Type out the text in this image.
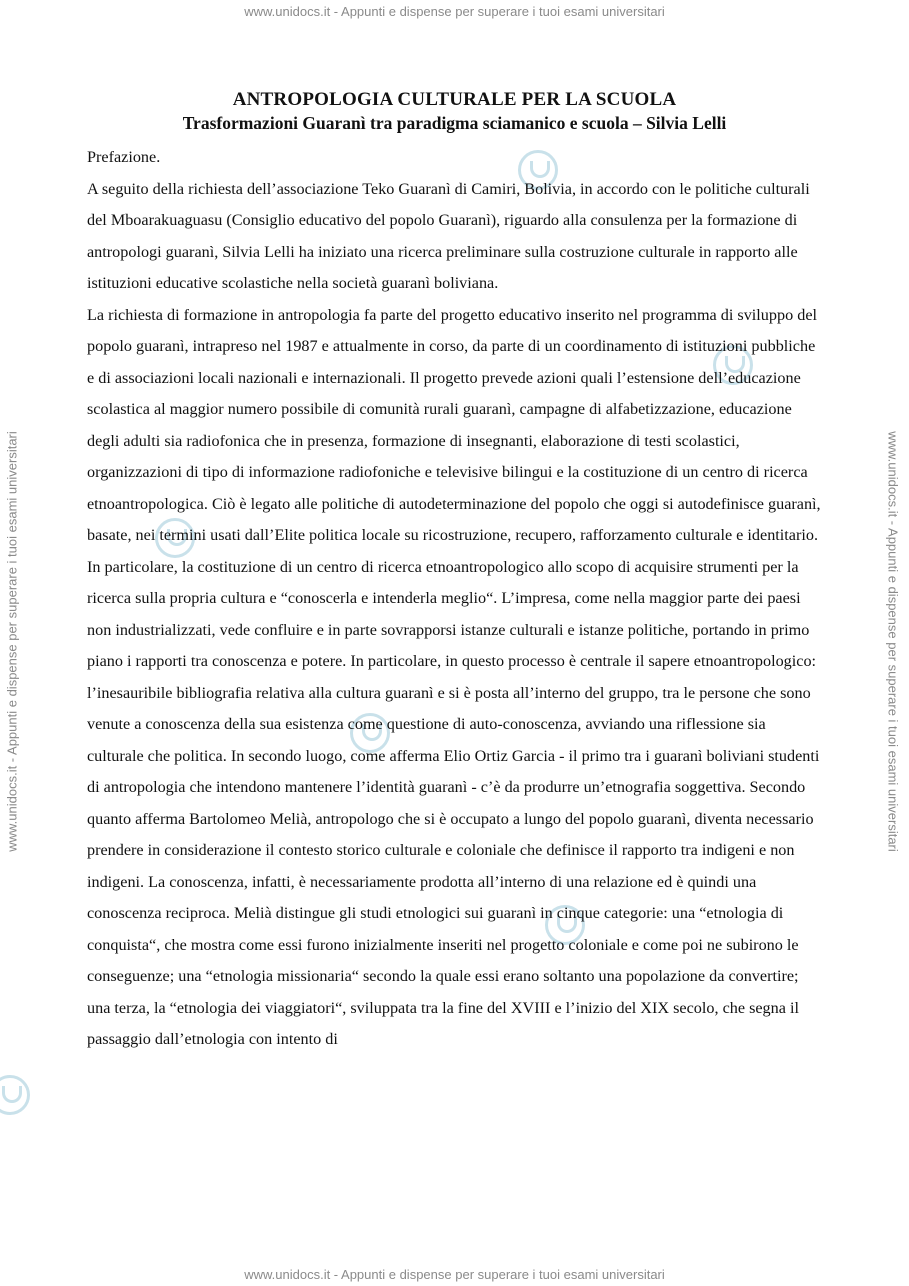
www.unidocs.it - Appunti e dispense per superare i tuoi esami universitari
www.unidocs.it - Appunti e dispense per superare i tuoi esami universitari
www.unidocs.it - Appunti e dispense per superare i tuoi esami universitari	www.unidocs.it - Appunti e dispense per superare i tuoi esami universitari
ANTROPOLOGIA CULTURALE PER LA SCUOLA
Trasformazioni Guaranì tra paradigma sciamanico e scuola – Silvia Lelli

Prefazione.

A seguito della richiesta dell’associazione Teko Guaranì di Camiri, Bolivia, in accordo con le politiche culturali del Mboarakuaguasu (Consiglio educativo del popolo Guaranì), riguardo alla consulenza per la formazione di antropologi guaranì, Silvia Lelli ha iniziato una ricerca preliminare sulla costruzione culturale in rapporto alle istituzioni educative scolastiche nella società guaranì boliviana.

La richiesta di formazione in antropologia fa parte del progetto educativo inserito nel programma di sviluppo del popolo guaranì, intrapreso nel 1987 e attualmente in corso, da parte di un coordinamento di istituzioni pubbliche e di associazioni locali nazionali e internazionali. Il progetto prevede azioni quali l’estensione dell’educazione scolastica al maggior numero possibile di comunità rurali guaranì, campagne di alfabetizzazione, educazione degli adulti sia radiofonica che in presenza, formazione di insegnanti, elaborazione di testi scolastici, organizzazioni di tipo di informazione radiofoniche e televisive bilingui e la costituzione di un centro di ricerca etnoantropologica. Ciò è legato alle politiche di autodeterminazione del popolo che oggi si autodefinisce guaranì, basate, nei termini usati dall’Elite politica locale su ricostruzione, recupero, rafforzamento culturale e identitario. In particolare, la costituzione di un centro di ricerca etnoantropologico allo scopo di acquisire strumenti per la ricerca sulla propria cultura e “conoscerla e intenderla meglio“. L’impresa, come nella maggior parte dei paesi non industrializzati, vede confluire e in parte sovrapporsi istanze culturali e istanze politiche, portando in primo piano i rapporti tra conoscenza e potere. In particolare, in questo processo è centrale il sapere etnoantropologico: l’inesauribile bibliografia relativa alla cultura guaranì e si è posta all’interno del gruppo, tra le persone che sono venute a conoscenza della sua esistenza come questione di auto-conoscenza, avviando una riflessione sia culturale che politica. In secondo luogo, come afferma Elio Ortiz Garcia - il primo tra i guaranì boliviani studenti di antropologia che intendono mantenere l’identità guaranì - c’è da produrre un’etnografia soggettiva. Secondo quanto afferma Bartolomeo Melià, antropologo che si è occupato a lungo del popolo guaranì, diventa necessario prendere in considerazione il contesto storico culturale e coloniale che definisce il rapporto tra indigeni e non indigeni. La conoscenza, infatti, è necessariamente prodotta all’interno di una relazione ed è quindi una conoscenza reciproca. Melià distingue gli studi etnologici sui guaranì in cinque categorie: una “etnologia di conquista“, che mostra come essi furono inizialmente inseriti nel progetto coloniale e come poi ne subirono le conseguenze; una “etnologia missionaria“ secondo la quale essi erano soltanto una popolazione da convertire; una terza, la “etnologia dei viaggiatori“, sviluppata tra la fine del XVIII e l’inizio del XIX secolo, che segna il passaggio dall’etnologia con intento di
